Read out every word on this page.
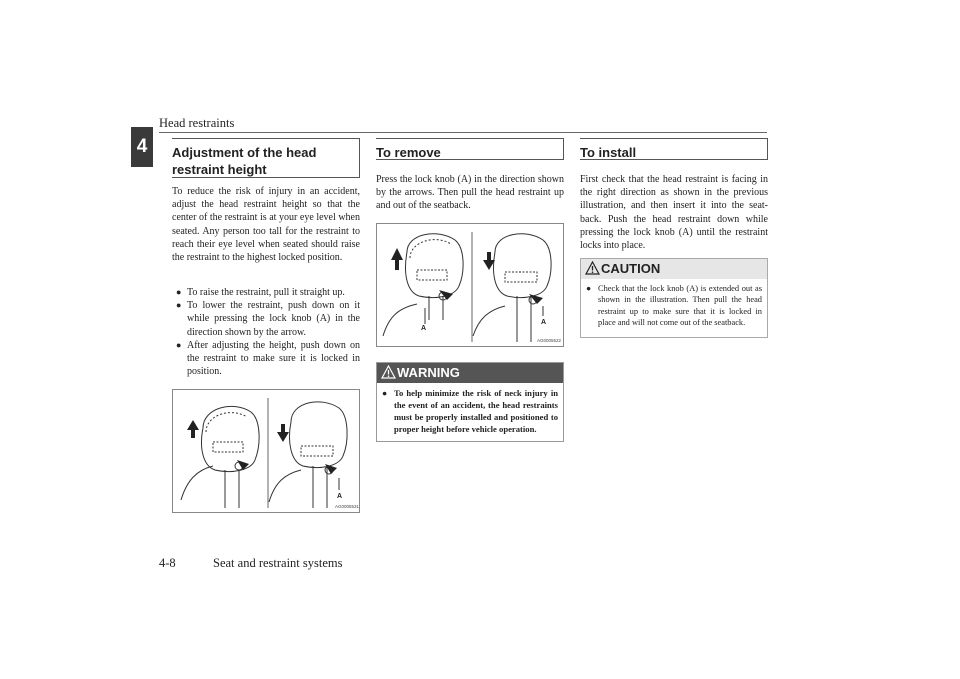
Head restraints
4	Adjustment of the head restraint height
To reduce the risk of injury in an accident, adjust the head restraint height so that the center of the restraint is at your eye level when seated. Any person too tall for the restraint to reach their eye level when seated should raise the restraint to the highest locked position.
● To raise the restraint, pull it straight up.
● To lower the restraint, push down on it while pressing the lock knob (A) in the direction shown by the arrow.
● After adjusting the height, push down on the restraint to make sure it is locked in position.
A
AG0005531
To remove
Press the lock knob (A) in the direction shown by the arrows. Then pull the head restraint up and out of the seatback.
A
A
AG0005522
WARNING
● To help minimize the risk of neck injury in the event of an accident, the head restraints must be properly installed and positioned to proper height before vehicle operation.
To install
First check that the head restraint is facing in the right direction as shown in the previous illustration, and then insert it into the seat-back. Push the head restraint down while pressing the lock knob (A) until the restraint locks into place.
CAUTION
● Check that the lock knob (A) is extended out as shown in the illustration. Then pull the head restraint up to make sure that it is locked in place and will not come out of the seatback.
4-8	Seat and restraint systems
